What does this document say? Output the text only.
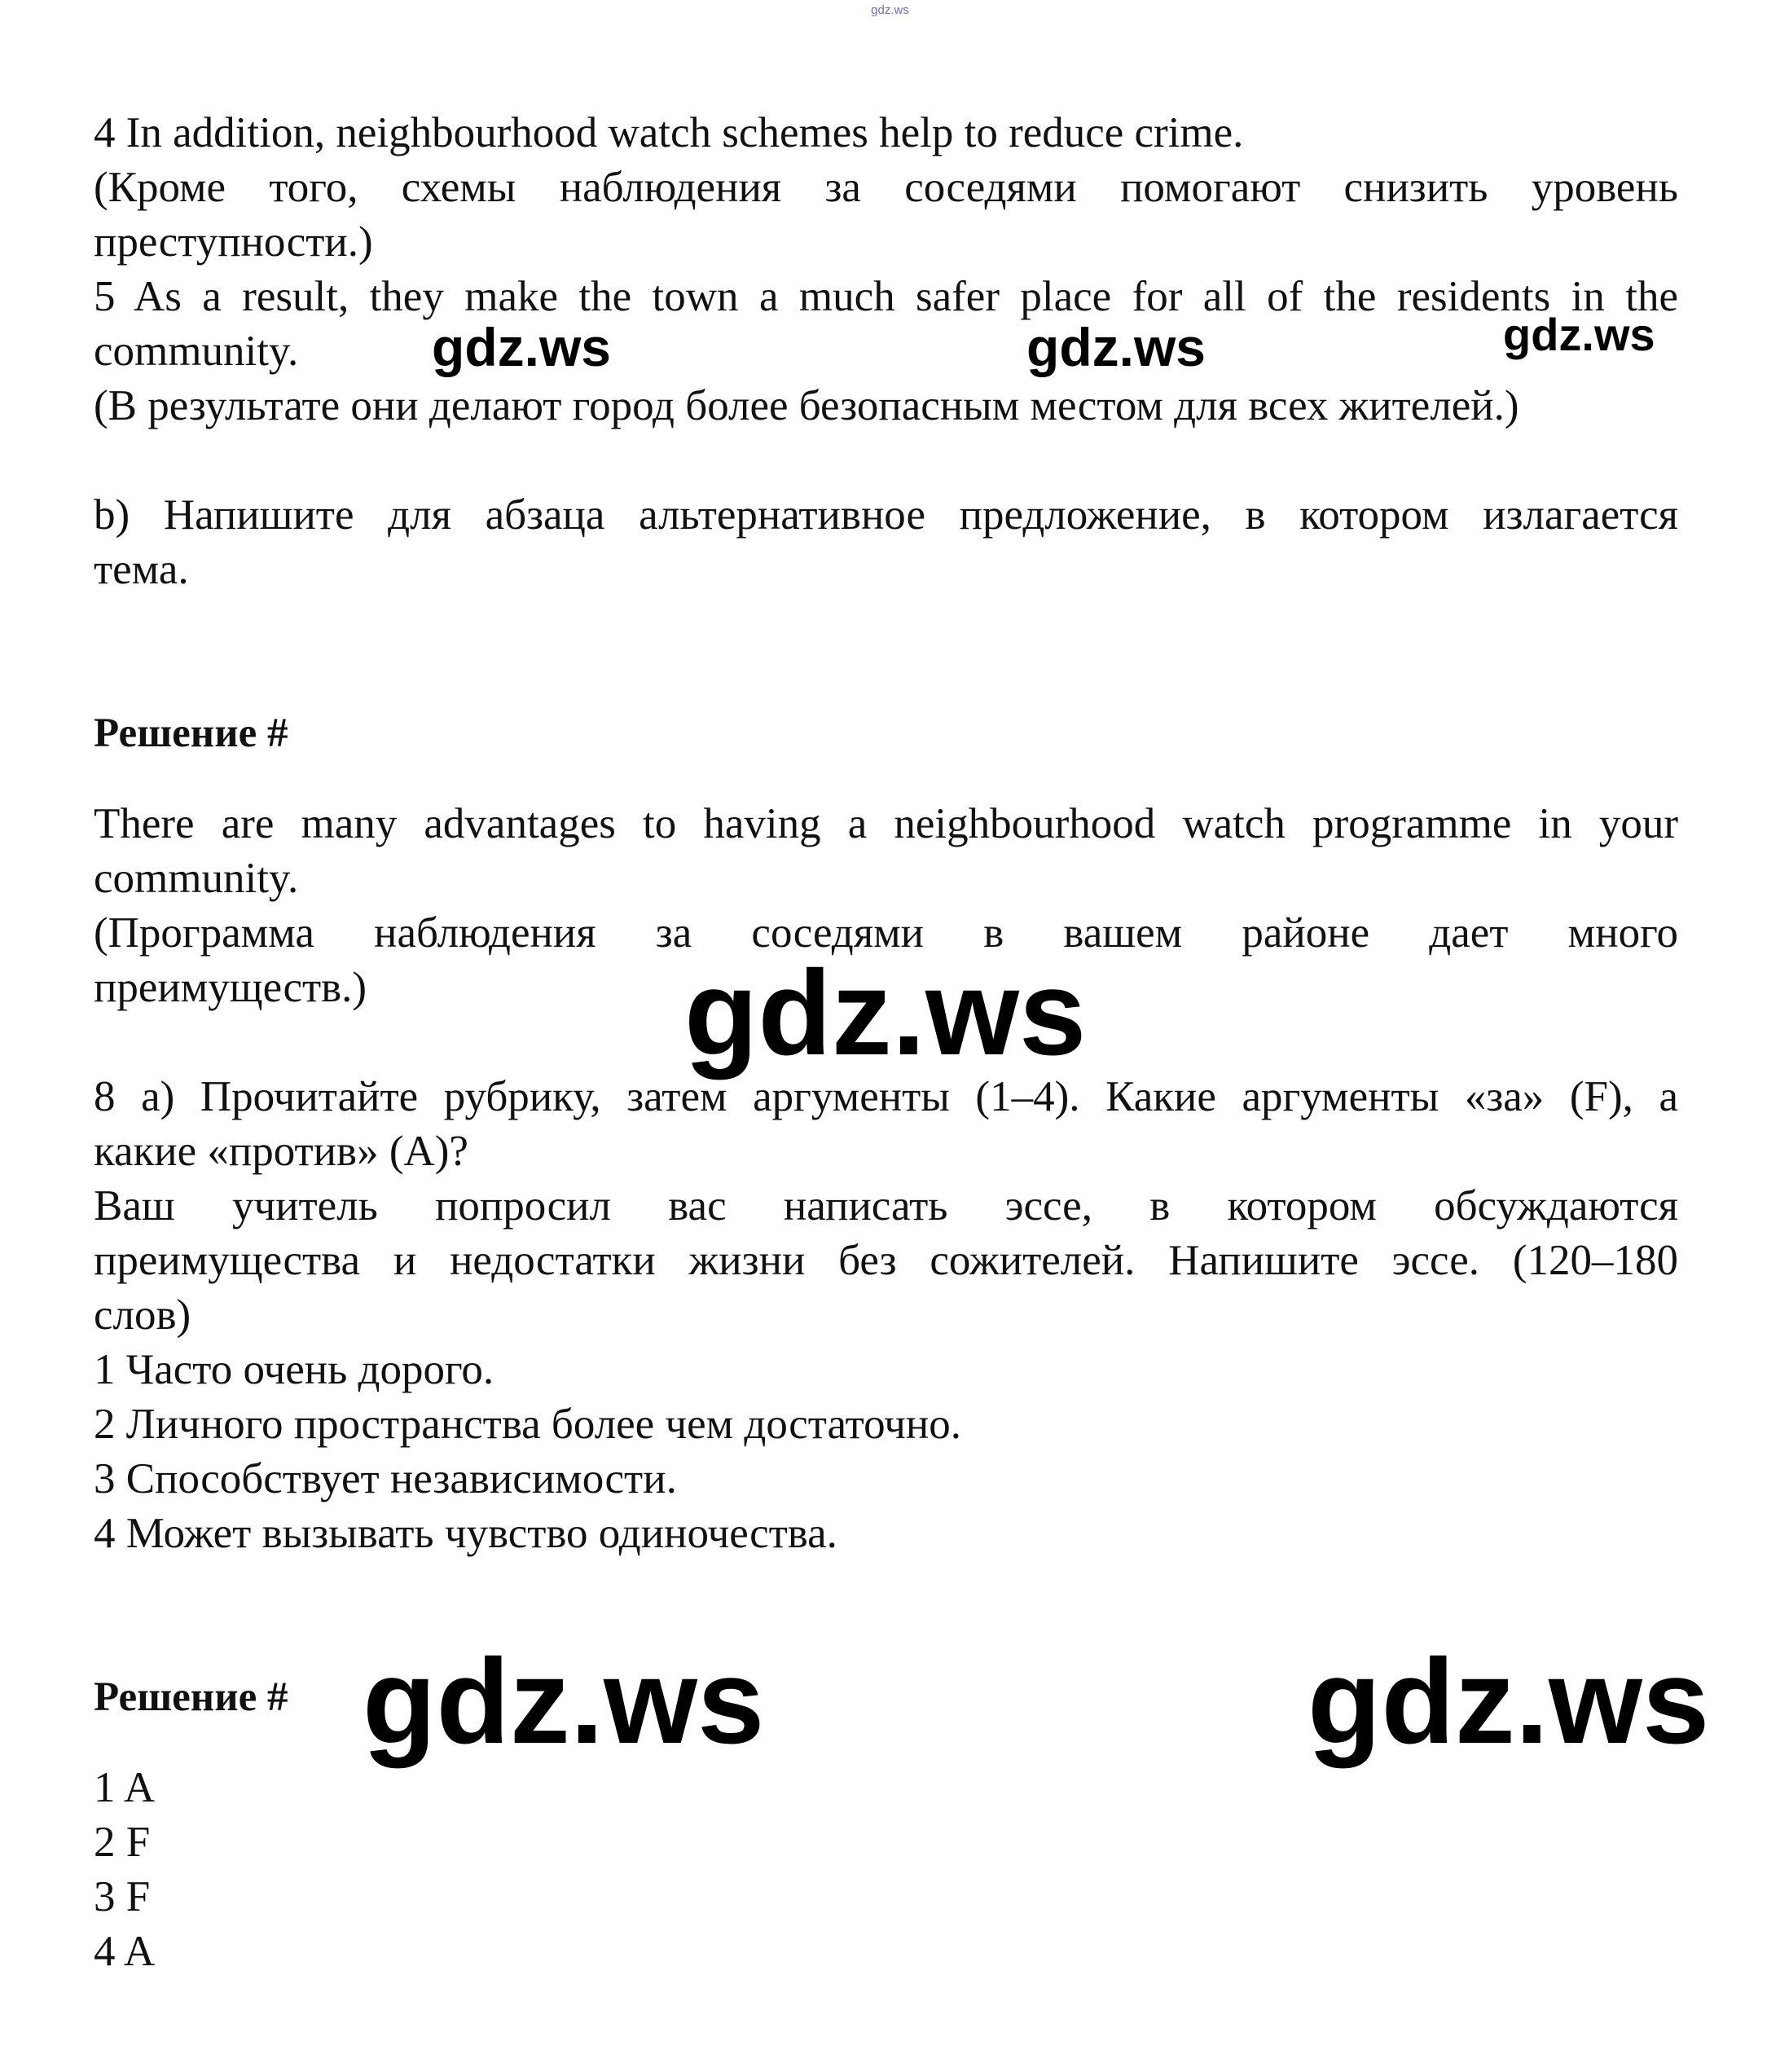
gdz.ws

4 In addition, neighbourhood watch schemes help to reduce crime.

(Кроме того, схемы наблюдения за соседями помогают снизить уровень

преступности.)

5 As a result, they make the town a much safer place for all of the residents in the

community.

(В результате они делают город более безопасным местом для всех жителей.)

b) Напишите для абзаца альтернативное предложение, в котором излагается

тема.

Решение #

There are many advantages to having a neighbourhood watch programme in your

community.

(Программа наблюдения за соседями в вашем районе дает много

преимуществ.)

8 a) Прочитайте рубрику, затем аргументы (1–4). Какие аргументы «за» (F), а

какие «против» (A)?

Ваш учитель попросил вас написать эссе, в котором обсуждаются

преимущества и недостатки жизни без сожителей. Напишите эссе. (120–180

слов)

1 Часто очень дорого.

2 Личного пространства более чем достаточно.

3 Способствует независимости.

4 Может вызывать чувство одиночества.

Решение #

1 A

2 F

3 F

4 A

gdz.ws	gdz.ws	gdz.ws
gdz.ws
gdz.ws	gdz.ws
